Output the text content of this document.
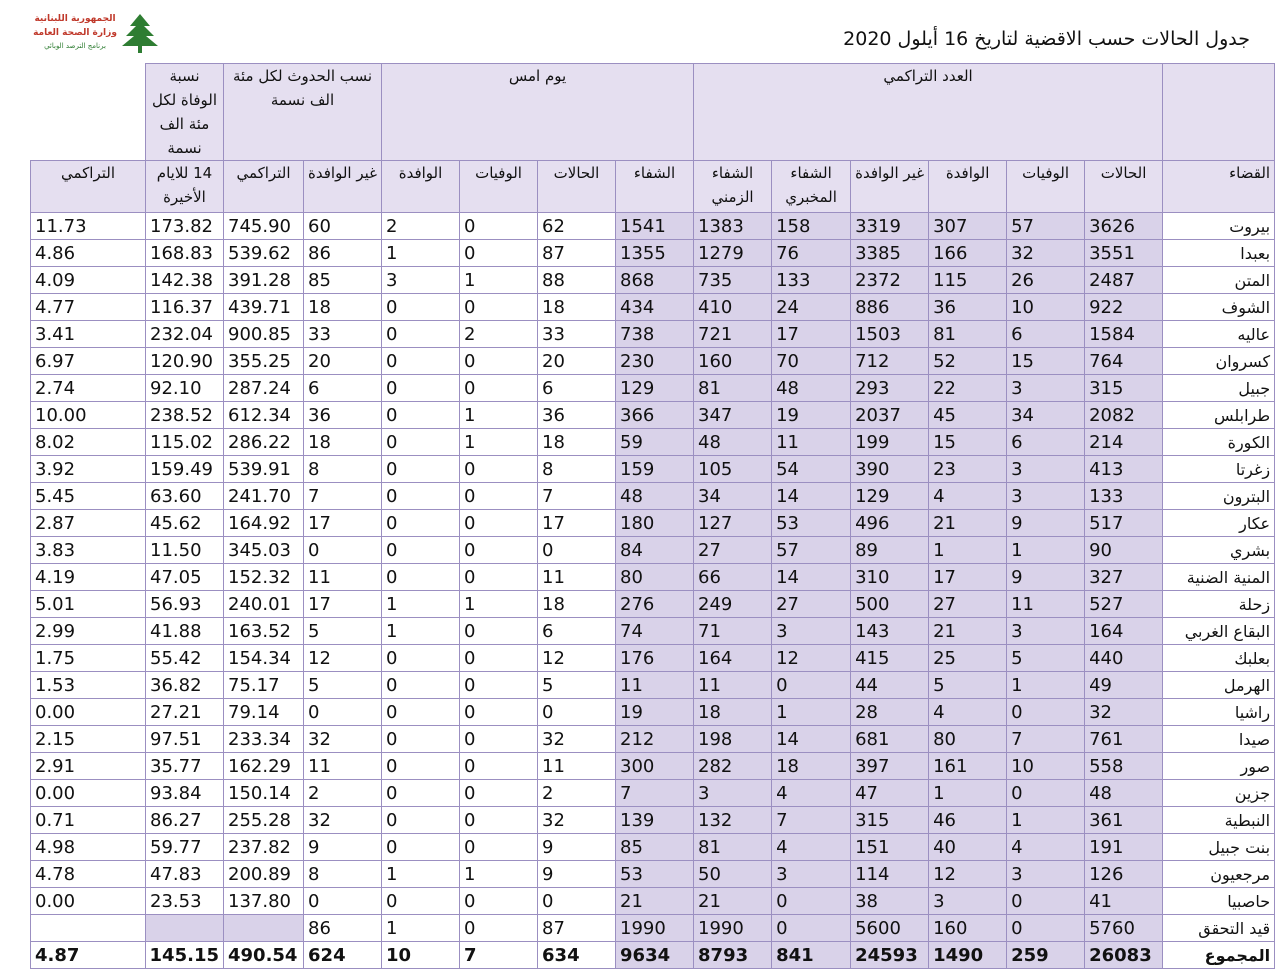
جدول الحالات حسب الاقضية لتاريخ 16 أيلول 2020
الجمهورية اللبنانية
وزارة الصحة العامة
برنامج الترصد الوبائي
	العدد التراكمي						يوم امس				نسب الحدوث لكل مئة الف نسمة		نسبة الوفاة لكل مئة الف نسمة	
القضاء	الحالات	الوفيات	الوافدة	غير الوافدة	الشفاء المخبري	الشفاء الزمني	الشفاء	الحالات	الوفيات	الوافدة	غير الوافدة	التراكمي	14 للايام الأخيرة	التراكمي
بيروت	3626	57	307	3319	158	1383	1541	62	0	2	60	745.90	173.82	11.73
بعبدا	3551	32	166	3385	76	1279	1355	87	0	1	86	539.62	168.83	4.86
المتن	2487	26	115	2372	133	735	868	88	1	3	85	391.28	142.38	4.09
الشوف	922	10	36	886	24	410	434	18	0	0	18	439.71	116.37	4.77
عاليه	1584	6	81	1503	17	721	738	33	2	0	33	900.85	232.04	3.41
كسروان	764	15	52	712	70	160	230	20	0	0	20	355.25	120.90	6.97
جبيل	315	3	22	293	48	81	129	6	0	0	6	287.24	92.10	2.74
طرابلس	2082	34	45	2037	19	347	366	36	1	0	36	612.34	238.52	10.00
الكورة	214	6	15	199	11	48	59	18	1	0	18	286.22	115.02	8.02
زغرتا	413	3	23	390	54	105	159	8	0	0	8	539.91	159.49	3.92
البترون	133	3	4	129	14	34	48	7	0	0	7	241.70	63.60	5.45
عكار	517	9	21	496	53	127	180	17	0	0	17	164.92	45.62	2.87
بشري	90	1	1	89	57	27	84	0	0	0	0	345.03	11.50	3.83
المنية الضنية	327	9	17	310	14	66	80	11	0	0	11	152.32	47.05	4.19
زحلة	527	11	27	500	27	249	276	18	1	1	17	240.01	56.93	5.01
البقاع الغربي	164	3	21	143	3	71	74	6	0	1	5	163.52	41.88	2.99
بعلبك	440	5	25	415	12	164	176	12	0	0	12	154.34	55.42	1.75
الهرمل	49	1	5	44	0	11	11	5	0	0	5	75.17	36.82	1.53
راشيا	32	0	4	28	1	18	19	0	0	0	0	79.14	27.21	0.00
صيدا	761	7	80	681	14	198	212	32	0	0	32	233.34	97.51	2.15
صور	558	10	161	397	18	282	300	11	0	0	11	162.29	35.77	2.91
جزين	48	0	1	47	4	3	7	2	0	0	2	150.14	93.84	0.00
النبطية	361	1	46	315	7	132	139	32	0	0	32	255.28	86.27	0.71
بنت جبيل	191	4	40	151	4	81	85	9	0	0	9	237.82	59.77	4.98
مرجعيون	126	3	12	114	3	50	53	9	1	1	8	200.89	47.83	4.78
حاصبيا	41	0	3	38	0	21	21	0	0	0	0	137.80	23.53	0.00
قيد التحقق	5760	0	160	5600	0	1990	1990	87	0	1	86			
المجموع	26083	259	1490	24593	841	8793	9634	634	7	10	624	490.54	145.15	4.87
